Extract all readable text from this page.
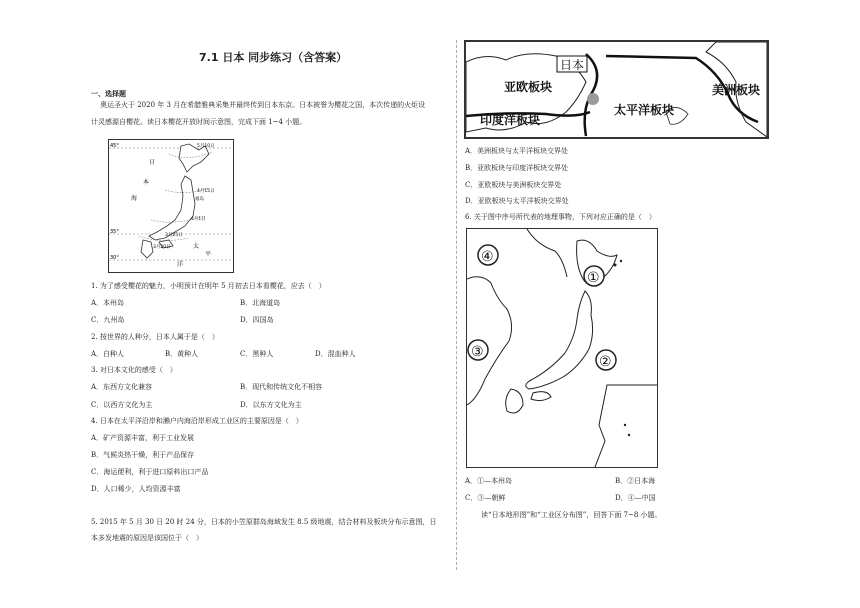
7.1 日本 同步练习（含答案）
一、选择题
奥运圣火于 2020 年 3 月在希腊雅典采集并最终传到日本东京。日本被誉为樱花之国，本次传递的火炬设
计灵感源自樱花。读日本樱花开放时间示意图，完成下面 1~4 小题。
45°
35°
30°
日
本
海
太
平
洋
5月10日
4月15日
福岛
4月1日
3月25日
3月20日
1. 为了感受樱花的魅力，小明预计在明年 5 月初去日本看樱花，应去（　）
A．本州岛	B．北海道岛
C．九州岛	D．四国岛
2. 按世界的人种分，日本人属于是（　）
A．白种人	B．黄种人	C．黑种人	D．混血种人
3. 对日本文化的感受（　）
A．东西方文化兼容	B．现代和传统文化不相容
C．以西方文化为主	D．以东方文化为主
4. 日本在太平洋沿岸和濑户内海沿岸形成工业区的主要原因是（　）
A．矿产资源丰富，利于工业发展
B．气候炎热干燥，利于产品保存
C．海运便利，利于进口原料出口产品
D．人口稀少，人均资源丰富
5. 2015 年 5 月 30 日 20 时 24 分，日本的小笠原群岛海域发生 8.5 级地震，结合材料及板块分布示意图，日
本多发地震的原因是该国位于（　）
日本
亚欧板块
印度洋板块
太平洋板块
美洲板块
A．美洲板块与太平洋板块交界处
B．亚欧板块与印度洋板块交界处
C．亚欧板块与美洲板块交界处
D．亚欧板块与太平洋板块交界处
6. 关于图中序号所代表的地理事物，下列对应正确的是（　）
①
②
③
④
A．①—本州岛	B．②日本海
C．③—朝鲜	D．④—中国
读“日本地形图”和“工业区分布图”，回答下面 7~8 小题。
